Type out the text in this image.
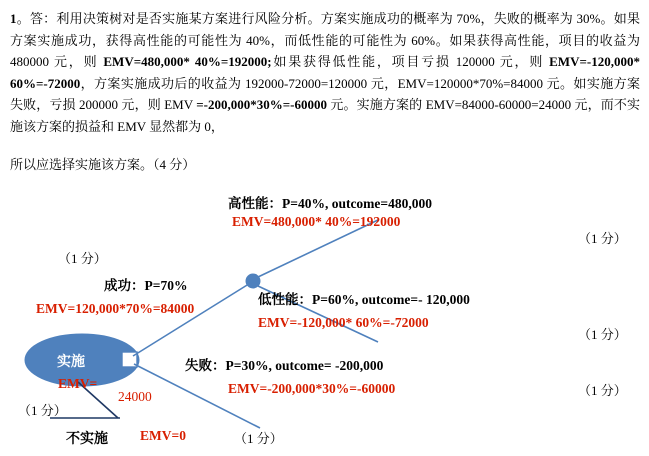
1。答：利用决策树对是否实施某方案进行风险分析。方案实施成功的概率为 70%，失败的概率为 30%。如果方案实施成功，获得高性能的可能性为 40%，而低性能的可能性为 60%。如果获得高性能，项目的收益为 480000 元，则 EMV=480,000* 40%=192000;如果获得低性能，项目亏损 120000 元，则 EMV=-120,000* 60%=-72000，方案实施成功后的收益为 192000-72000=120000 元，EMV=120000*70%=84000 元。如实施方案失败，亏损 200000 元，则 EMV =-200,000*30%=-60000 元。实施方案的 EMV=84000-60000=24000 元，而不实施该方案的损益和 EMV 显然都为 0，

所以应选择实施该方案。（4 分）
高性能：P=40%, outcome=480,000
EMV=480,000* 40%=192000
低性能：P=60%, outcome=- 120,000
EMV=-120,000* 60%=-72000
成功：P=70%
EMV=120,000*70%=84000
失败：P=30%, outcome= -200,000
EMV=-200,000*30%=-60000
实施
EMV=
24000
不实施 EMV=0
（1 分）
（1 分）
（1 分）
（1 分）
（1 分）
（1 分）
